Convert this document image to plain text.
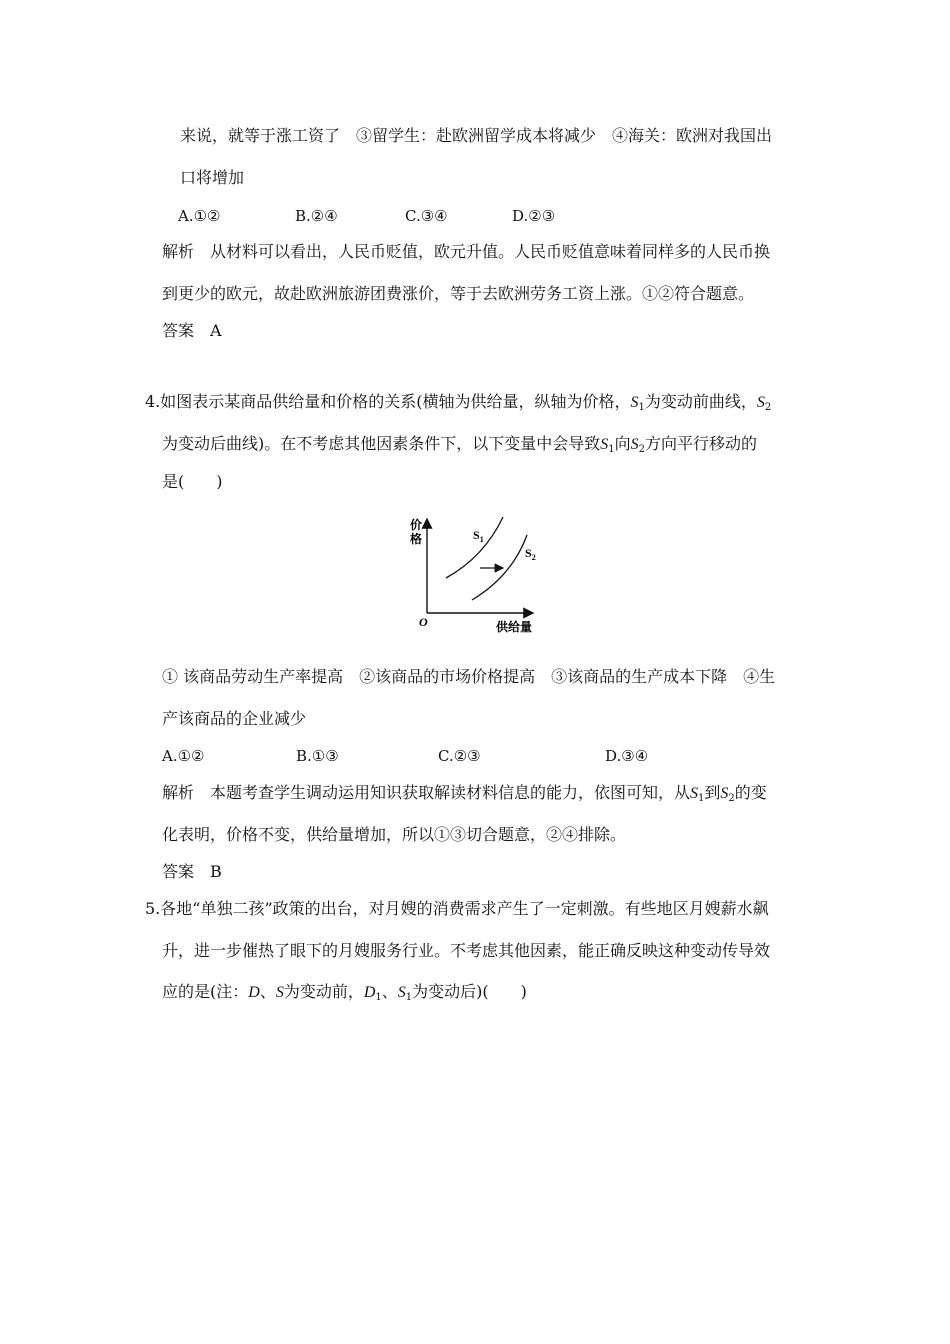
来说，就等于涨工资了　③留学生：赴欧洲留学成本将减少　④海关：欧洲对我国出
口将增加
A.①②	B.②④	C.③④	D.②③
解析 从材料可以看出，人民币贬值，欧元升值。人民币贬值意味着同样多的人民币换
到更少的欧元，故赴欧洲旅游团费涨价，等于去欧洲劳务工资上涨。①②符合题意。
答案 A
4.如图表示某商品供给量和价格的关系(横轴为供给量，纵轴为价格，$S_1$为变动前曲线，$S_2$
为变动后曲线)。在不考虑其他因素条件下，以下变量中会导致$S_1$向$S_2$方向平行移动的
是(　　)
价
格
供给量
O
$S_1$
$S_2$
① 该商品劳动生产率提高　②该商品的市场价格提高　③该商品的生产成本下降　④生
产该商品的企业减少
A.①②	B.①③	C.②③	D.③④
解析 本题考查学生调动运用知识获取解读材料信息的能力，依图可知，从$S_1$到$S_2$的变
化表明，价格不变，供给量增加，所以①③切合题意，②④排除。
答案 B
5.各地“单独二孩”政策的出台，对月嫂的消费需求产生了一定刺激。有些地区月嫂薪水飙
升，进一步催热了眼下的月嫂服务行业。不考虑其他因素，能正确反映这种变动传导效
应的是(注：D、S为变动前，$D_1$、$S_1$为变动后)(　　)
